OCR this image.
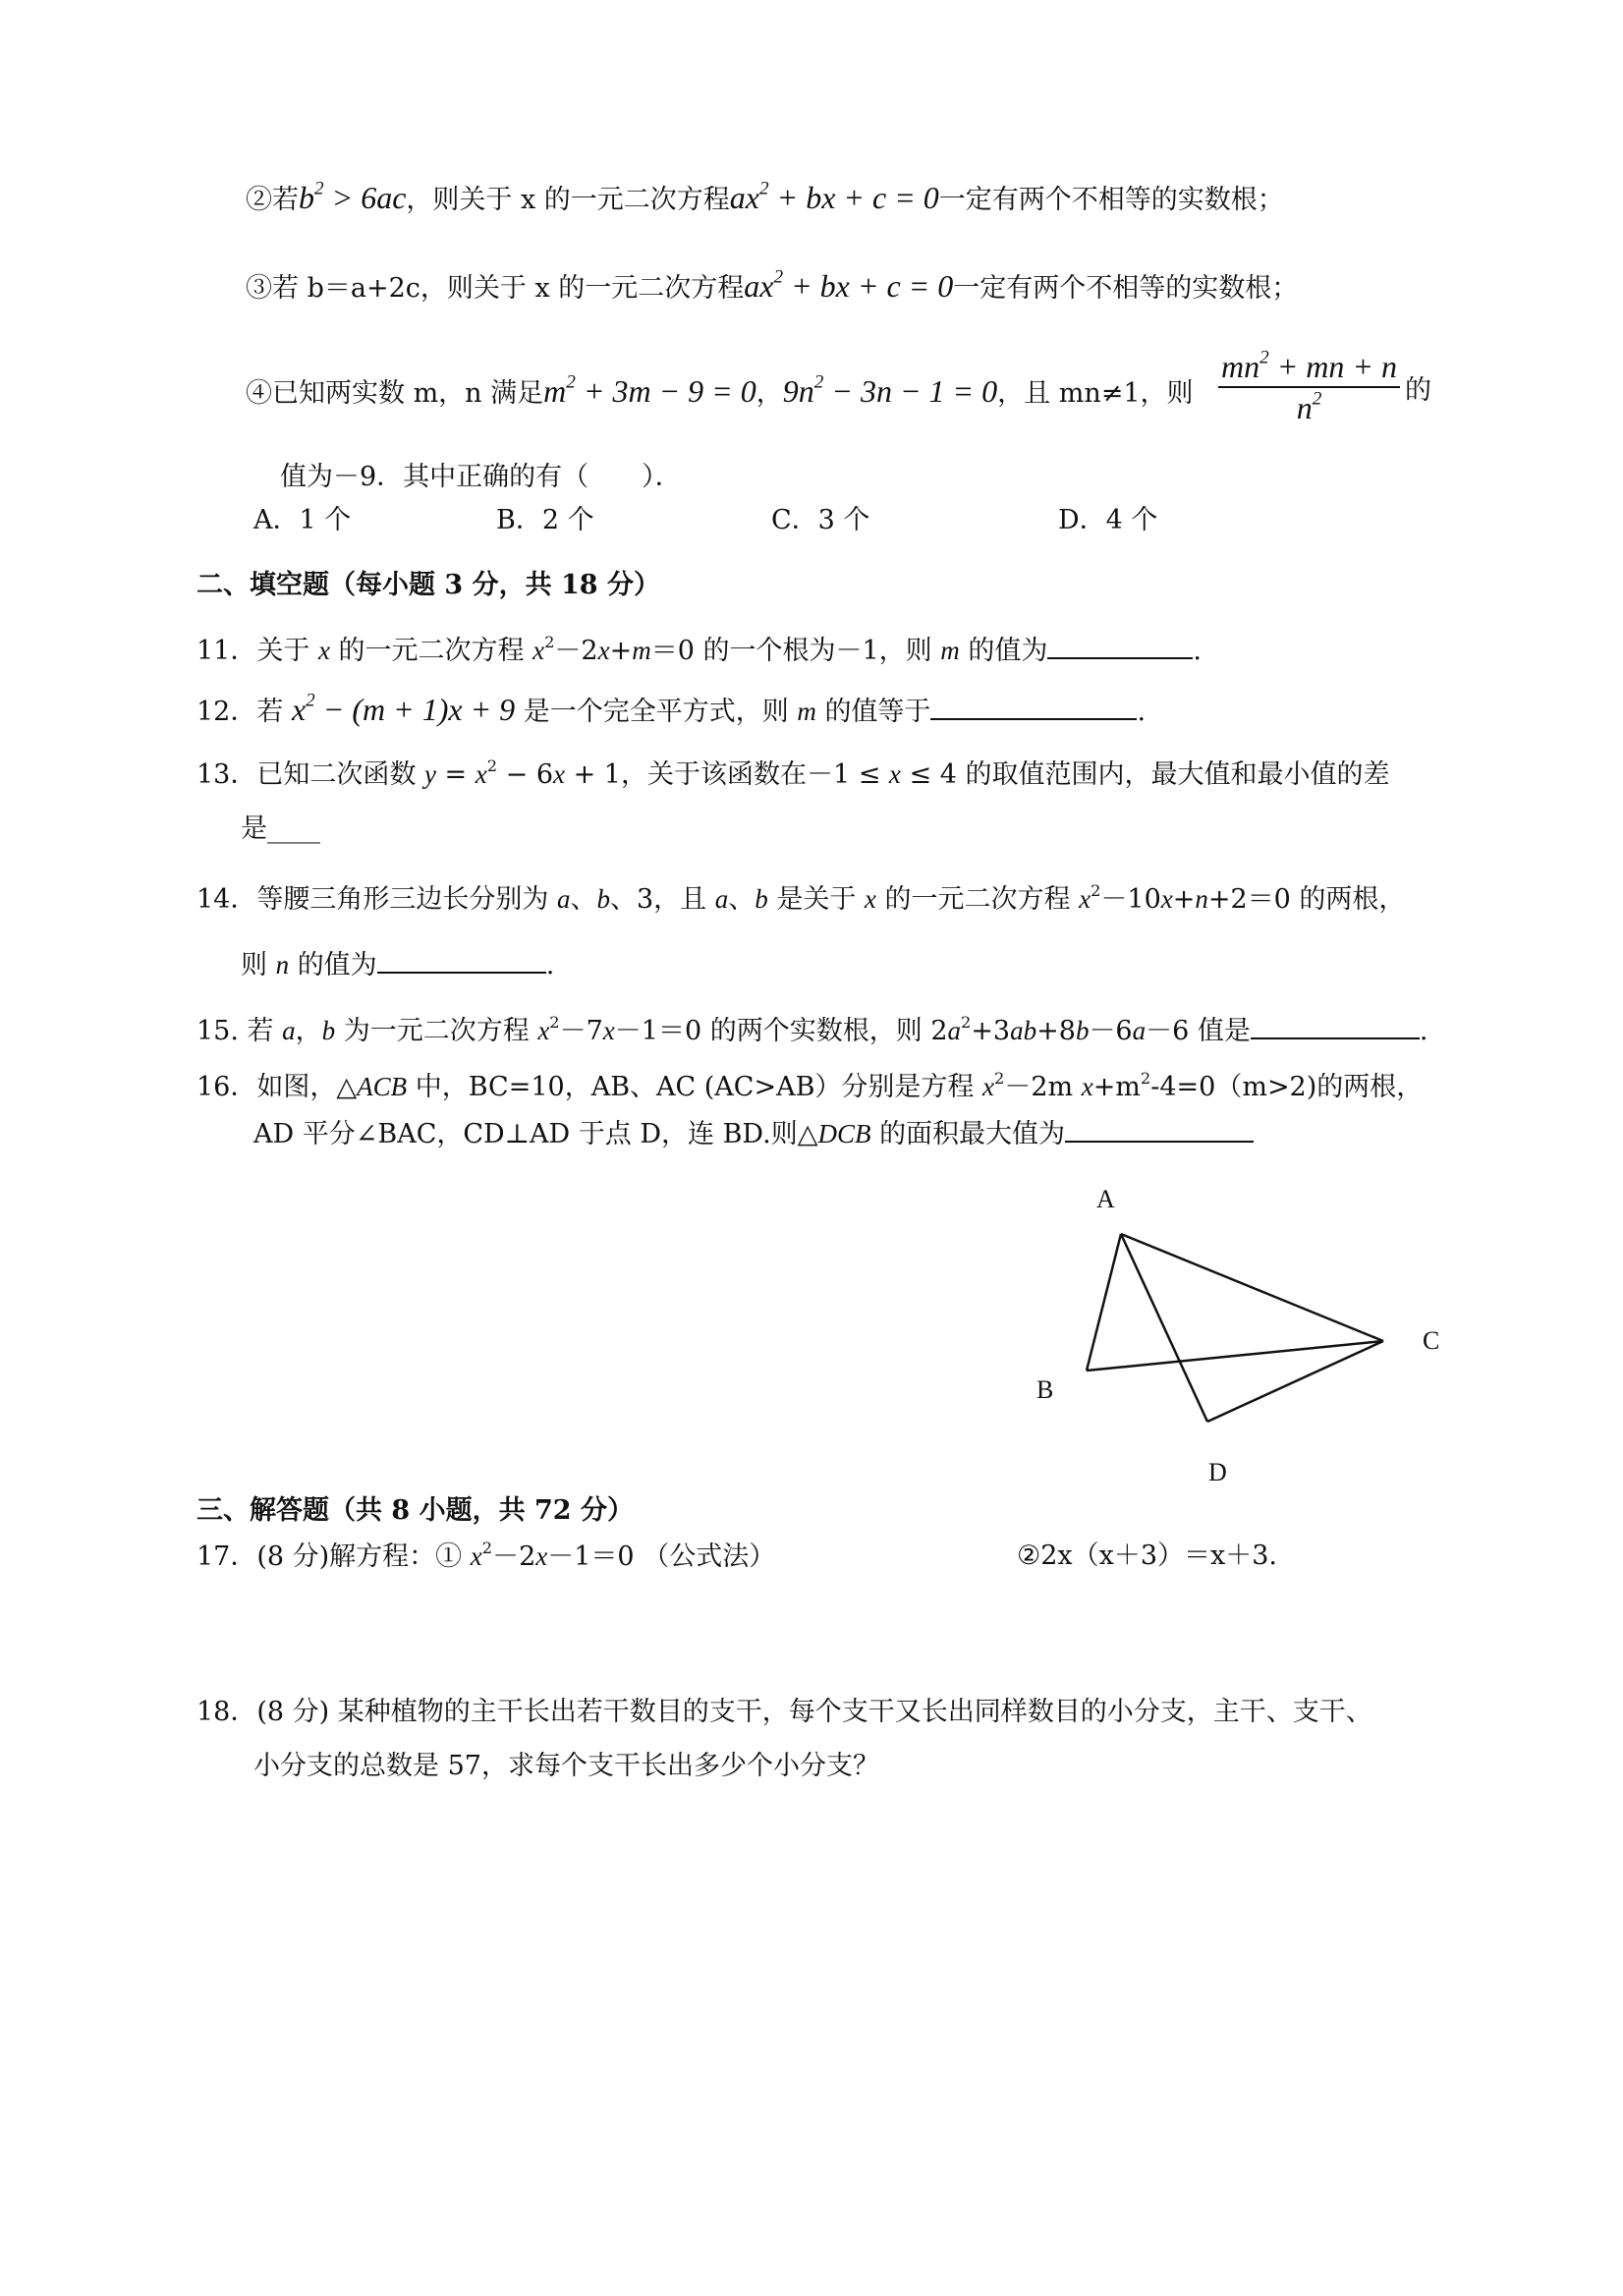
②若$b^2 > 6ac$，则关于 x 的一元二次方程$ax^2$ + bx + c = 0一定有两个不相等的实数根；
③若 b＝a+2c，则关于 x 的一元二次方程$ax^2$ + bx + c = 0一定有两个不相等的实数根；
④已知两实数 m，n 满足$m^2 + 3m - 9 = 0$，$9n^2 - 3n - 1 = 0$，且 mn≠1，则
$mn^2$ + mn + n
$n^2$	的
值为－9．其中正确的有（　　）．
A．1 个	B．2 个	C．3 个	D．4 个
二、填空题（每小题 3 分，共 18 分）
11．关于 x 的一元二次方程 $x^2-2x+m=0$ 的一个根为－1，则 m 的值为	.
12．若 $x^2 - (m + 1)x + 9$ 是一个完全平方式，则 m 的值等于	.
13．已知二次函数 $y = x^2 - 6x + 1$，关于该函数在－1 ≤ x ≤ 4 的取值范围内，最大值和最小值的差
是____
14．等腰三角形三边长分别为 a、b、3，且 a、b 是关于 x 的一元二次方程 $x^2-10x+n+2=0$ 的两根，
则 n 的值为	.
15. 若 a，b 为一元二次方程 $x^2-7x-1=0$ 的两个实数根，则 $2a^2+3ab+8b-6a-6$ 值是	.
16．如图，△ACB 中，BC=10，AB、AC (AC>AB）分别是方程 $x^2-2m$ $x+m^2-4=0(m>2)$的两根，
AD 平分∠BAC，CD⊥AD 于点 D，连 BD.则△DCB 的面积最大值为
A
B
C
D
三、解答题（共 8 小题，共 72 分）
17．(8 分)解方程：① $x^2-2x-1=0$ （公式法）	②2x（x＋3）＝x＋3.
18．(8 分) 某种植物的主干长出若干数目的支干，每个支干又长出同样数目的小分支，主干、支干、
小分支的总数是 57，求每个支干长出多少个小分支？
